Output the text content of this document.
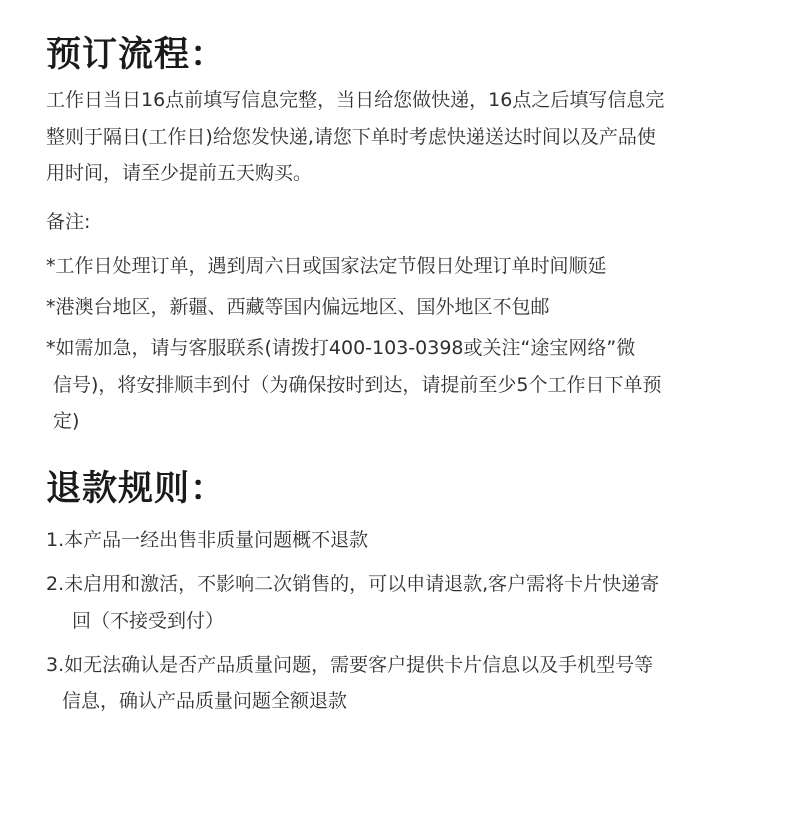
预订流程：
工作日当日16点前填写信息完整，当日给您做快递，16点之后填写信息完
整则于隔日(工作日)给您发快递,请您下单时考虑快递送达时间以及产品使
用时间，请至少提前五天购买。
备注:
*工作日处理订单，遇到周六日或国家法定节假日处理订单时间顺延
*港澳台地区，新疆、西藏等国内偏远地区、国外地区不包邮
*如需加急，请与客服联系(请拨打400-103-0398或关注“途宝网络”微
信号)，将安排顺丰到付（为确保按时到达，请提前至少5个工作日下单预
定)
退款规则：
1.本产品一经出售非质量问题概不退款
2.未启用和激活，不影响二次销售的，可以申请退款,客户需将卡片快递寄
回（不接受到付）
3.如无法确认是否产品质量问题，需要客户提供卡片信息以及手机型号等
信息，确认产品质量问题全额退款
